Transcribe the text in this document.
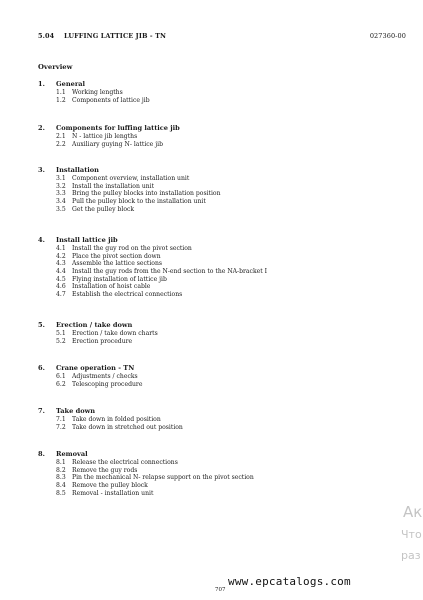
5.04 LUFFING LATTICE JIB - TN	027360-00
Overview
1. General
1.1 Working lengths
1.2 Components of lattice jib
2. Components for luffing lattice jib
2.1 N - lattice jib lengths
2.2 Auxiliary guying N- lattice jib
3. Installation
3.1 Component overview, installation unit
3.2 Install the installation unit
3.3 Bring the pulley blocks into installation position
3.4 Pull the pulley block to the installation unit
3.5 Get the pulley block
4. Install lattice jib
4.1 Install the guy rod on the pivot section
4.2 Place the pivot section down
4.3 Assemble the lattice sections
4.4 Install the guy rods from the N-end section to the NA-bracket I
4.5 Flying installation of lattice jib
4.6 Installation of hoist cable
4.7 Establish the electrical connections
5. Erection / take down
5.1 Erection / take down charts
5.2 Erection procedure
6. Crane operation - TN
6.1 Adjustments / checks
6.2 Telescoping procedure
7. Take down
7.1 Take down in folded position
7.2 Take down in stretched out position
8. Removal
8.1 Release the electrical connections
8.2 Remove the guy rods
8.3 Pin the mechanical N- relapse support on the pivot section
8.4 Remove the pulley block
8.5 Removal - installation unit
707
www.epcatalogs.com
Ак
Что
раз
